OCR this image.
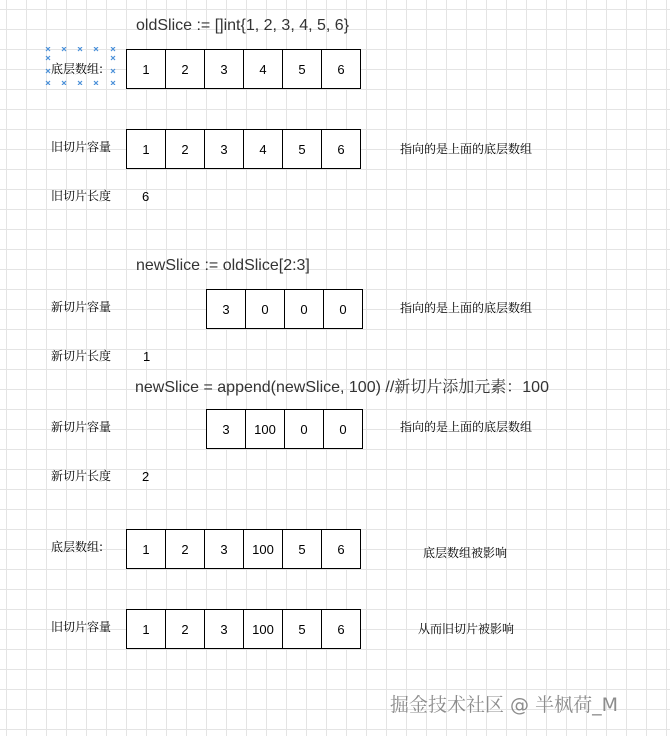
oldSlice := []int{1, 2, 3, 4, 5, 6}
newSlice := oldSlice[2:3]
newSlice = append(newSlice, 100) //新切片添加元素：100
底层数组:	1	2	3	4	5	6
旧切片容量	1	2	3	4	5	6	指向的是上面的底层数组
旧切片长度 6
新切片容量	3	0	0	0	指向的是上面的底层数组
新切片长度 1
新切片容量	3	100	0	0	指向的是上面的底层数组
新切片长度 2
底层数组:	1	2	3	100	5	6	底层数组被影响
旧切片容量	1	2	3	100	5	6	从而旧切片被影响
掘金技术社区 @ 半枫荷_M
